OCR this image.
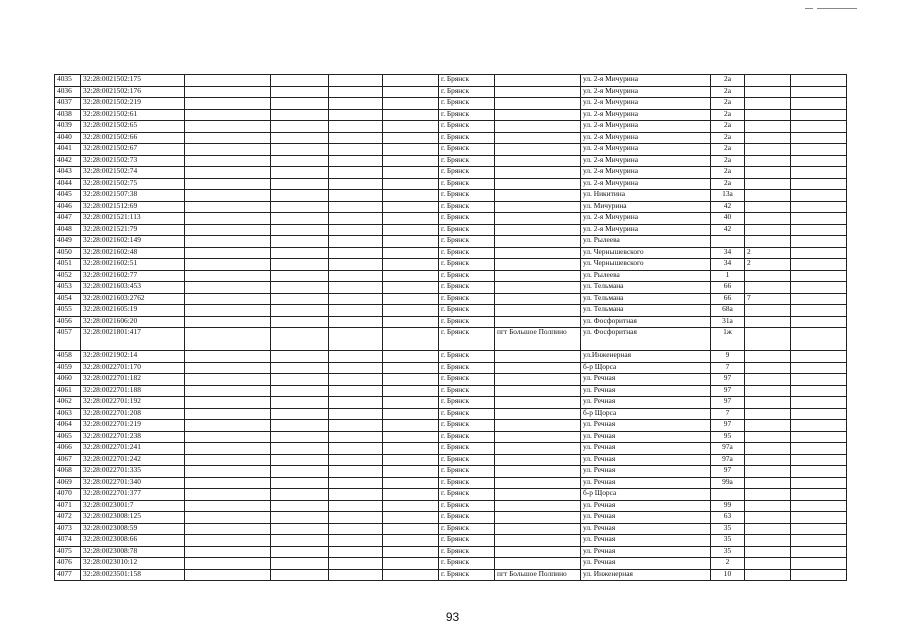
4035	32:28:0021502:175					г. Брянск		ул. 2-я Мичурина	2а		
4036	32:28:0021502:176					г. Брянск		ул. 2-я Мичурина	2а		
4037	32:28:0021502:219					г. Брянск		ул. 2-я Мичурина	2а		
4038	32:28:0021502:61					г. Брянск		ул. 2-я Мичурина	2а		
4039	32:28:0021502:65					г. Брянск		ул. 2-я Мичурина	2а		
4040	32:28:0021502:66					г. Брянск		ул. 2-я Мичурина	2а		
4041	32:28:0021502:67					г. Брянск		ул. 2-я Мичурина	2а		
4042	32:28:0021502:73					г. Брянск		ул. 2-я Мичурина	2а		
4043	32:28:0021502:74					г. Брянск		ул. 2-я Мичурина	2а		
4044	32:28:0021502:75					г. Брянск		ул. 2-я Мичурина	2а		
4045	32:28:0021507:38					г. Брянск		ул. Никитина	13а		
4046	32:28:0021512:69					г. Брянск		ул. Мичурина	42		
4047	32:28:0021521:113					г. Брянск		ул. 2-я Мичурина	40		
4048	32:28:0021521:79					г. Брянск		ул. 2-я Мичурина	42		
4049	32:28:0021602:149					г. Брянск		ул. Рылеева			
4050	32:28:0021602:48					г. Брянск		ул. Чернышевского	34	2	
4051	32:28:0021602:51					г. Брянск		ул. Чернышевского	34	2	
4052	32:28:0021602:77					г. Брянск		ул. Рылеева	1		
4053	32:28:0021603:453					г. Брянск		ул. Тельмана	66		
4054	32:28:0021603:2762					г. Брянск		ул. Тельмана	66	7	
4055	32:28:0021605:19					г. Брянск		ул. Тельмана	68а		
4056	32:28:0021606:20					г. Брянск		ул. Фосфоритная	31а		
4057	32:28:0021801:417					г. Брянск	пгт Большое Полпино	ул. Фосфоритная	1ж		
4058	32:28:0021902:14					г. Брянск		ул.Инженерная	9		
4059	32:28:0022701:170					г. Брянск		б-р Щорса	7		
4060	32:28:0022701:182					г. Брянск		ул. Речная	97		
4061	32:28:0022701:188					г. Брянск		ул. Речная	97		
4062	32:28:0022701:192					г. Брянск		ул. Речная	97		
4063	32:28:0022701:208					г. Брянск		б-р Щорса	7		
4064	32:28:0022701:219					г. Брянск		ул. Речная	97		
4065	32:28:0022701:238					г. Брянск		ул. Речная	95		
4066	32:28:0022701:241					г. Брянск		ул. Речная	97а		
4067	32:28:0022701:242					г. Брянск		ул. Речная	97а		
4068	32:28:0022701:335					г. Брянск		ул. Речная	97		
4069	32:28:0022701:340					г. Брянск		ул. Речная	99а		
4070	32:28:0022701:377					г. Брянск		б-р Щорса			
4071	32:28:0023001:7					г. Брянск		ул. Речная	99		
4072	32:28:0023008:125					г. Брянск		ул. Речная	63		
4073	32:28:0023008:59					г. Брянск		ул. Речная	35		
4074	32:28:0023008:66					г. Брянск		ул. Речная	35		
4075	32:28:0023008:78					г. Брянск		ул. Речная	35		
4076	32:28:0023010:12					г. Брянск		ул. Речная	2		
4077	32:28:0023501:158					г. Брянск	пгт Большое Полпино	ул. Инженерная	10		
93
